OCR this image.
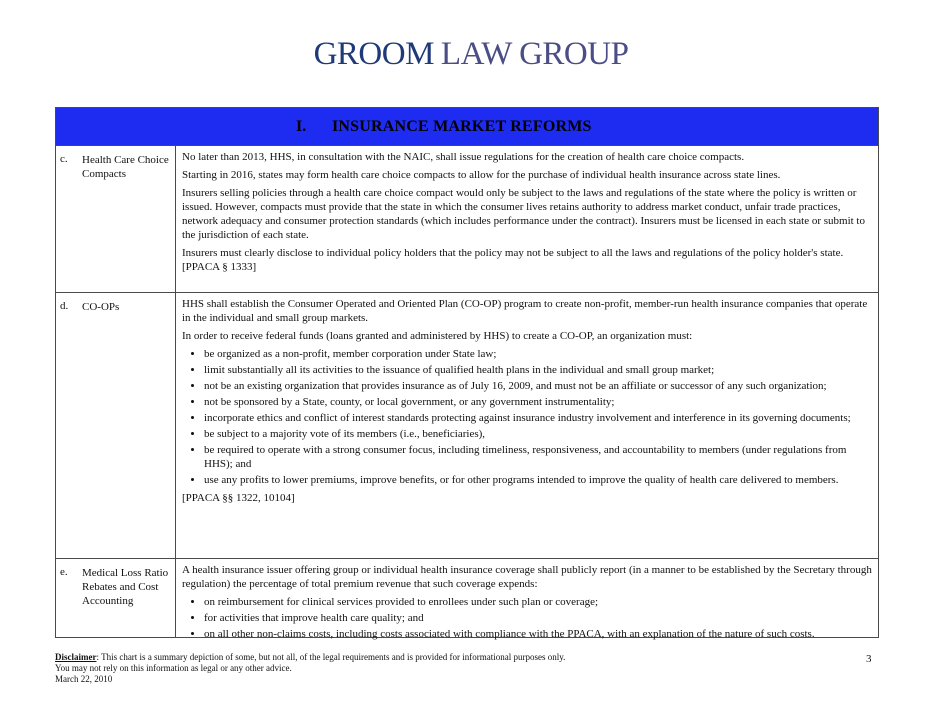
GROOM LAW GROUP
I.	INSURANCE MARKET REFORMS
c. Health Care Choice Compacts

No later than 2013, HHS, in consultation with the NAIC, shall issue regulations for the creation of health care choice compacts.

Starting in 2016, states may form health care choice compacts to allow for the purchase of individual health insurance across state lines.

Insurers selling policies through a health care choice compact would only be subject to the laws and regulations of the state where the policy is written or issued. However, compacts must provide that the state in which the consumer lives retains authority to address market conduct, unfair trade practices, network adequacy and consumer protection standards (which includes performance under the contract). Insurers must be licensed in each state or submit to the jurisdiction of each state.

Insurers must clearly disclose to individual policy holders that the policy may not be subject to all the laws and regulations of the policy holder's state. [PPACA § 1333]

d. CO-OPs	HHS shall establish the Consumer Operated and Oriented Plan (CO-OP) program to create non-profit, member-run health insurance companies that operate in the individual and small group markets.

In order to receive federal funds (loans granted and administered by HHS) to create a CO-OP, an organization must:

• be organized as a non-profit, member corporation under State law;
• limit substantially all its activities to the issuance of qualified health plans in the individual and small group market;
• not be an existing organization that provides insurance as of July 16, 2009, and must not be an affiliate or successor of any such organization;
• not be sponsored by a State, county, or local government, or any government instrumentality;
• incorporate ethics and conflict of interest standards protecting against insurance industry involvement and interference in its governing documents;
• be subject to a majority vote of its members (i.e., beneficiaries),
• be required to operate with a strong consumer focus, including timeliness, responsiveness, and accountability to members (under regulations from HHS); and
• use any profits to lower premiums, improve benefits, or for other programs intended to improve the quality of health care delivered to members.

[PPACA §§ 1322, 10104]

e. Medical Loss Ratio Rebates and Cost Accounting

A health insurance issuer offering group or individual health insurance coverage shall publicly report (in a manner to be established by the Secretary through regulation) the percentage of total premium revenue that such coverage expends:

• on reimbursement for clinical services provided to enrollees under such plan or coverage;
• for activities that improve health care quality; and
• on all other non-claims costs, including costs associated with compliance with the PPACA, with an explanation of the nature of such costs.
Disclaimer: This chart is a summary depiction of some, but not all, of the legal requirements and is provided for informational purposes only.
You may not rely on this information as legal or any other advice.
March 22, 2010
3
